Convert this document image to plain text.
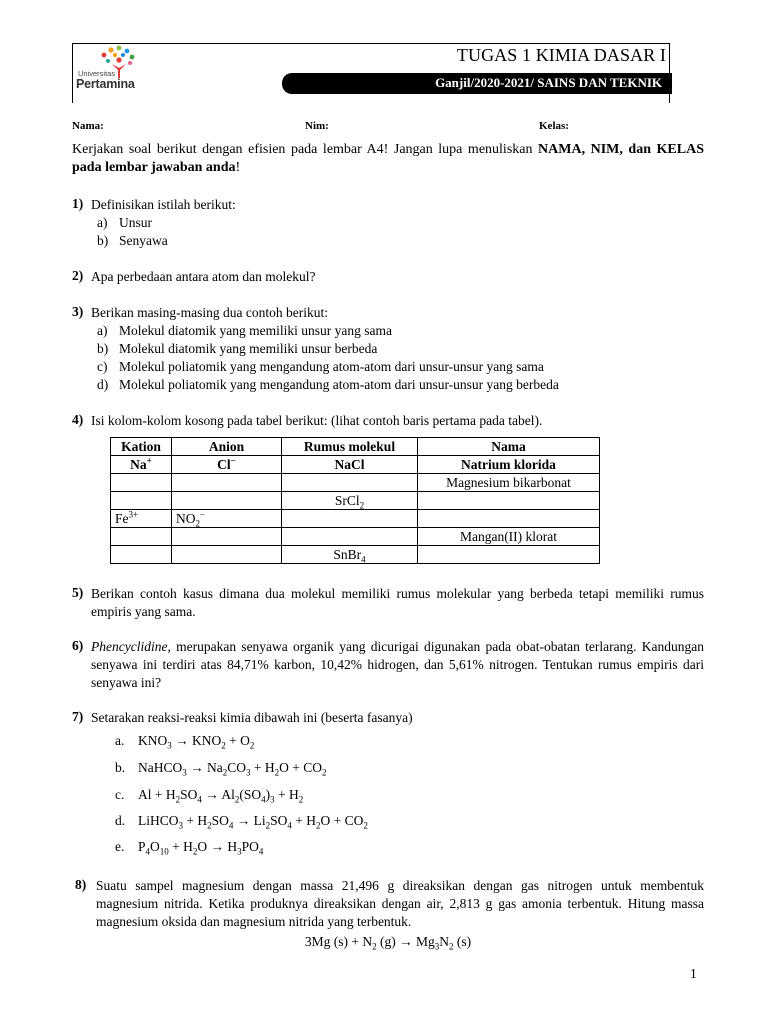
Universitas
Pertamina
TUGAS 1 KIMIA DASAR I
Ganjil/2020-2021/ SAINS DAN TEKNIK
Nama:	Nim:	Kelas:
Kerjakan soal berikut dengan efisien pada lembar A4! Jangan lupa menuliskan NAMA, NIM, dan KELAS pada lembar jawaban anda!
1) Definisikan istilah berikut:
a) Unsur
b) Senyawa
2) Apa perbedaan antara atom dan molekul?
3) Berikan masing-masing dua contoh berikut:
a) Molekul diatomik yang memiliki unsur yang sama
b) Molekul diatomik yang memiliki unsur berbeda
c) Molekul poliatomik yang mengandung atom-atom dari unsur-unsur yang sama
d) Molekul poliatomik yang mengandung atom-atom dari unsur-unsur yang berbeda
4) Isi kolom-kolom kosong pada tabel berikut: (lihat contoh baris pertama pada tabel).
Kation	Anion	Rumus molekul	Nama
Na+	Cl−	NaCl	Natrium klorida
			Magnesium bikarbonat
		SrCl$_2$	
$Fe^{3+}$	$NO_2^-$		
			Mangan(II) klorat
		SnBr$_4$	
5) Berikan contoh kasus dimana dua molekul memiliki rumus molekular yang berbeda tetapi memiliki rumus empiris yang sama.
6) Phencyclidine, merupakan senyawa organik yang dicurigai digunakan pada obat-obatan terlarang. Kandungan senyawa ini terdiri atas 84,71% karbon, 10,42% hidrogen, dan 5,61% nitrogen. Tentukan rumus empiris dari senyawa ini?
7) Setarakan reaksi-reaksi kimia dibawah ini (beserta fasanya)
a. $KNO_3 \to KNO_2 + O_2$
b. NaHCO$_3$ → $Na_2CO_3 + H_2O + CO_2$
c. $Al + H_2SO_4 \to Al_2(SO_4)_3 + H_2$
d. LiHCO$_3$ + $H_2SO_4 \to Li_2SO_4 + H_2O + CO_2$
e. $P_4O_{10} + H_2O \to H_3PO_4$
8) Suatu sampel magnesium dengan massa 21,496 g direaksikan dengan gas nitrogen untuk membentuk magnesium nitrida. Ketika produknya direaksikan dengan air, 2,813 g gas amonia terbentuk. Hitung massa magnesium oksida dan magnesium nitrida yang terbentuk.
3Mg $(s) + N_2$ $(g) \to Mg_3N_2$ (s)
1
